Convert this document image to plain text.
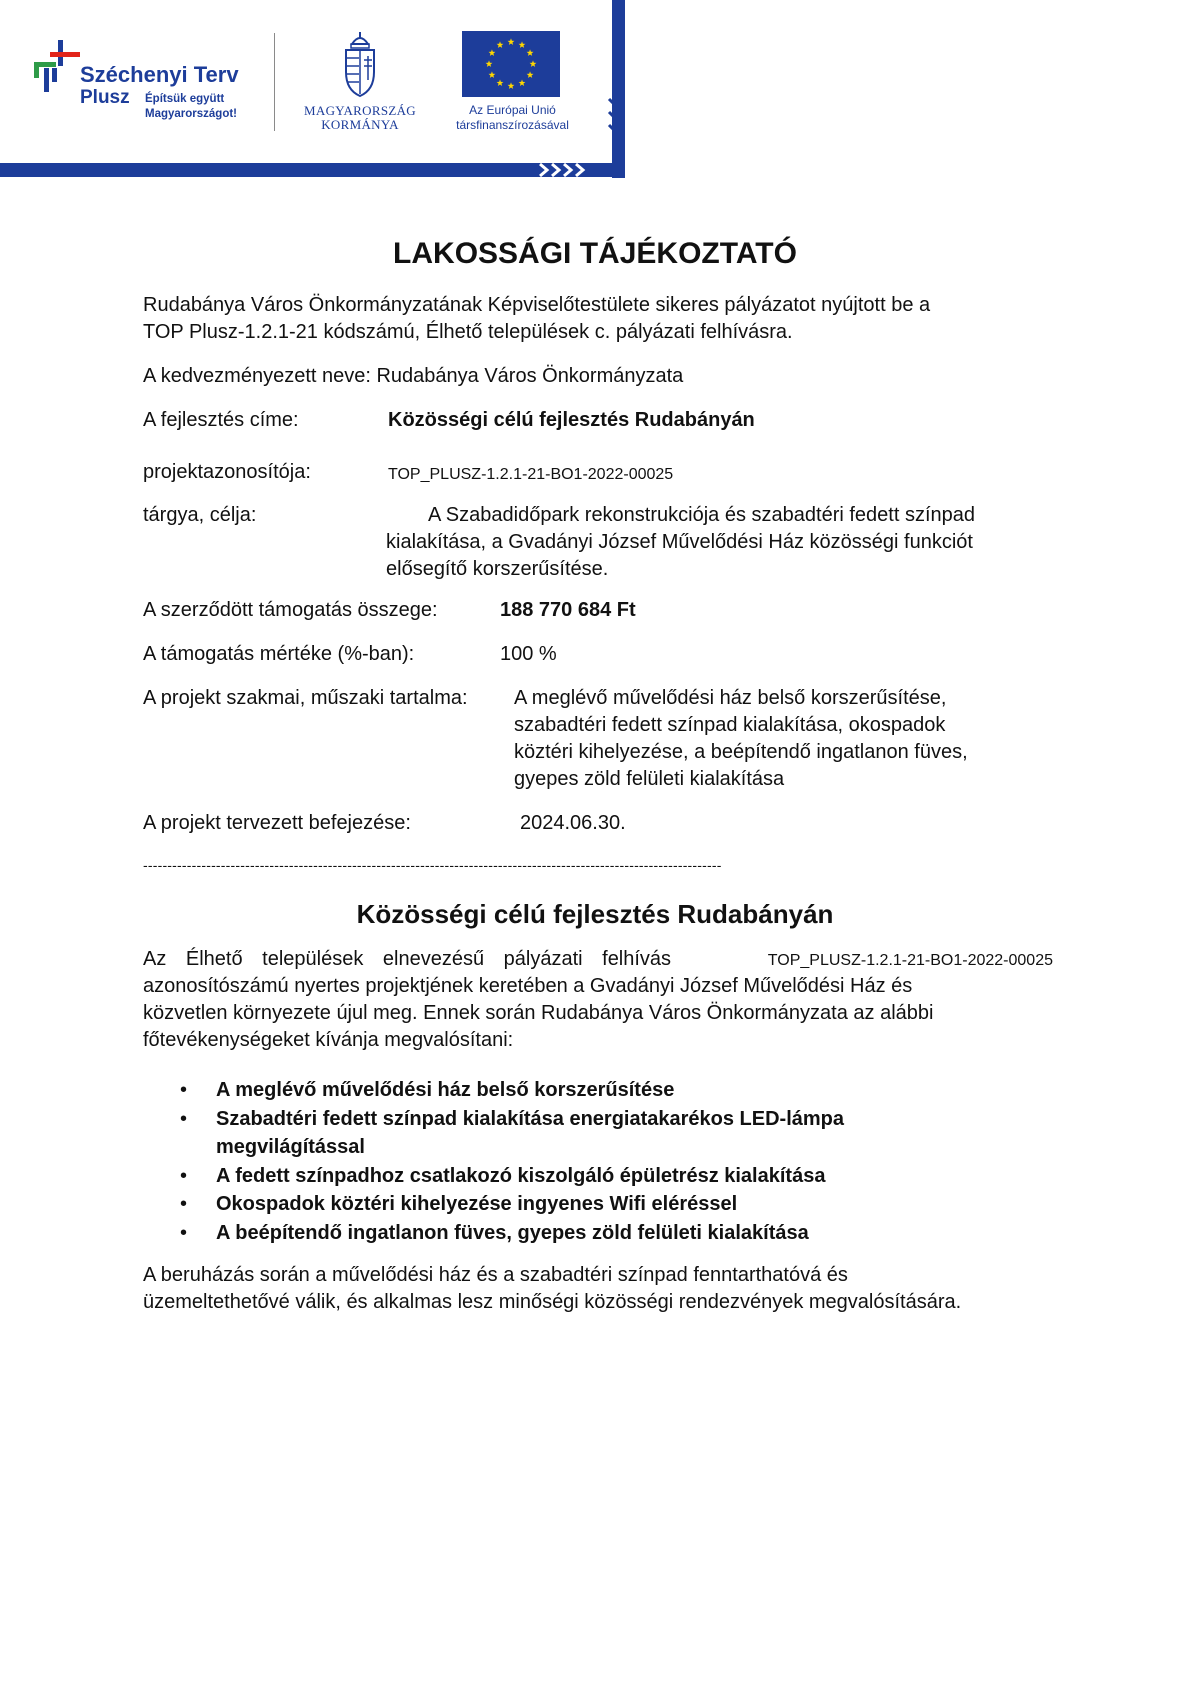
Széchenyi Terv
Plusz Építsük együtt
Magyarországot!	MAGYARORSZÁG
KORMÁNYA
Az Európai Unió
társfinanszírozásával
LAKOSSÁGI TÁJÉKOZTATÓ
Rudabánya Város Önkormányzatának Képviselőtestülete sikeres pályázatot nyújtott be a
TOP Plusz-1.2.1-21 kódszámú, Élhető települések c. pályázati felhívásra.
A kedvezményezett neve: Rudabánya Város Önkormányzata
A fejlesztés címe:	Közösségi célú fejlesztés Rudabányán
projektazonosítója:	TOP_PLUSZ-1.2.1-21-BO1-2022-00025
tárgya, célja:	A Szabadidőpark rekonstrukciója és szabadtéri fedett színpad
kialakítása, a Gvadányi József Művelődési Ház közösségi funkciót
elősegítő korszerűsítése.
A szerződött támogatás összege:	188 770 684 Ft
A támogatás mértéke (%-ban):	100 %
A projekt szakmai, műszaki tartalma: A meglévő művelődési ház belső korszerűsítése,
szabadtéri fedett színpad kialakítása, okospadok
köztéri kihelyezése, a beépítendő ingatlanon füves,
gyepes zöld felületi kialakítása
A projekt tervezett befejezése:	2024.06.30.
-----------------------------------------------------------------------------------------------------------------------
Közösségi célú fejlesztés Rudabányán
Az Élhető települések elnevezésű pályázati felhívás	TOP_PLUSZ-1.2.1-21-BO1-2022-00025
azonosítószámú nyertes projektjének keretében a Gvadányi József Művelődési Ház és
közvetlen környezete újul meg. Ennek során Rudabánya Város Önkormányzata az alábbi
főtevékenységeket kívánja megvalósítani:
• A meglévő művelődési ház belső korszerűsítése
• Szabadtéri fedett színpad kialakítása energiatakarékos LED-lámpa megvilágítással
• A fedett színpadhoz csatlakozó kiszolgáló épületrész kialakítása
• Okospadok köztéri kihelyezése ingyenes Wifi eléréssel
• A beépítendő ingatlanon füves, gyepes zöld felületi kialakítása
A beruházás során a művelődési ház és a szabadtéri színpad fenntarthatóvá és
üzemeltethetővé válik, és alkalmas lesz minőségi közösségi rendezvények megvalósítására.
